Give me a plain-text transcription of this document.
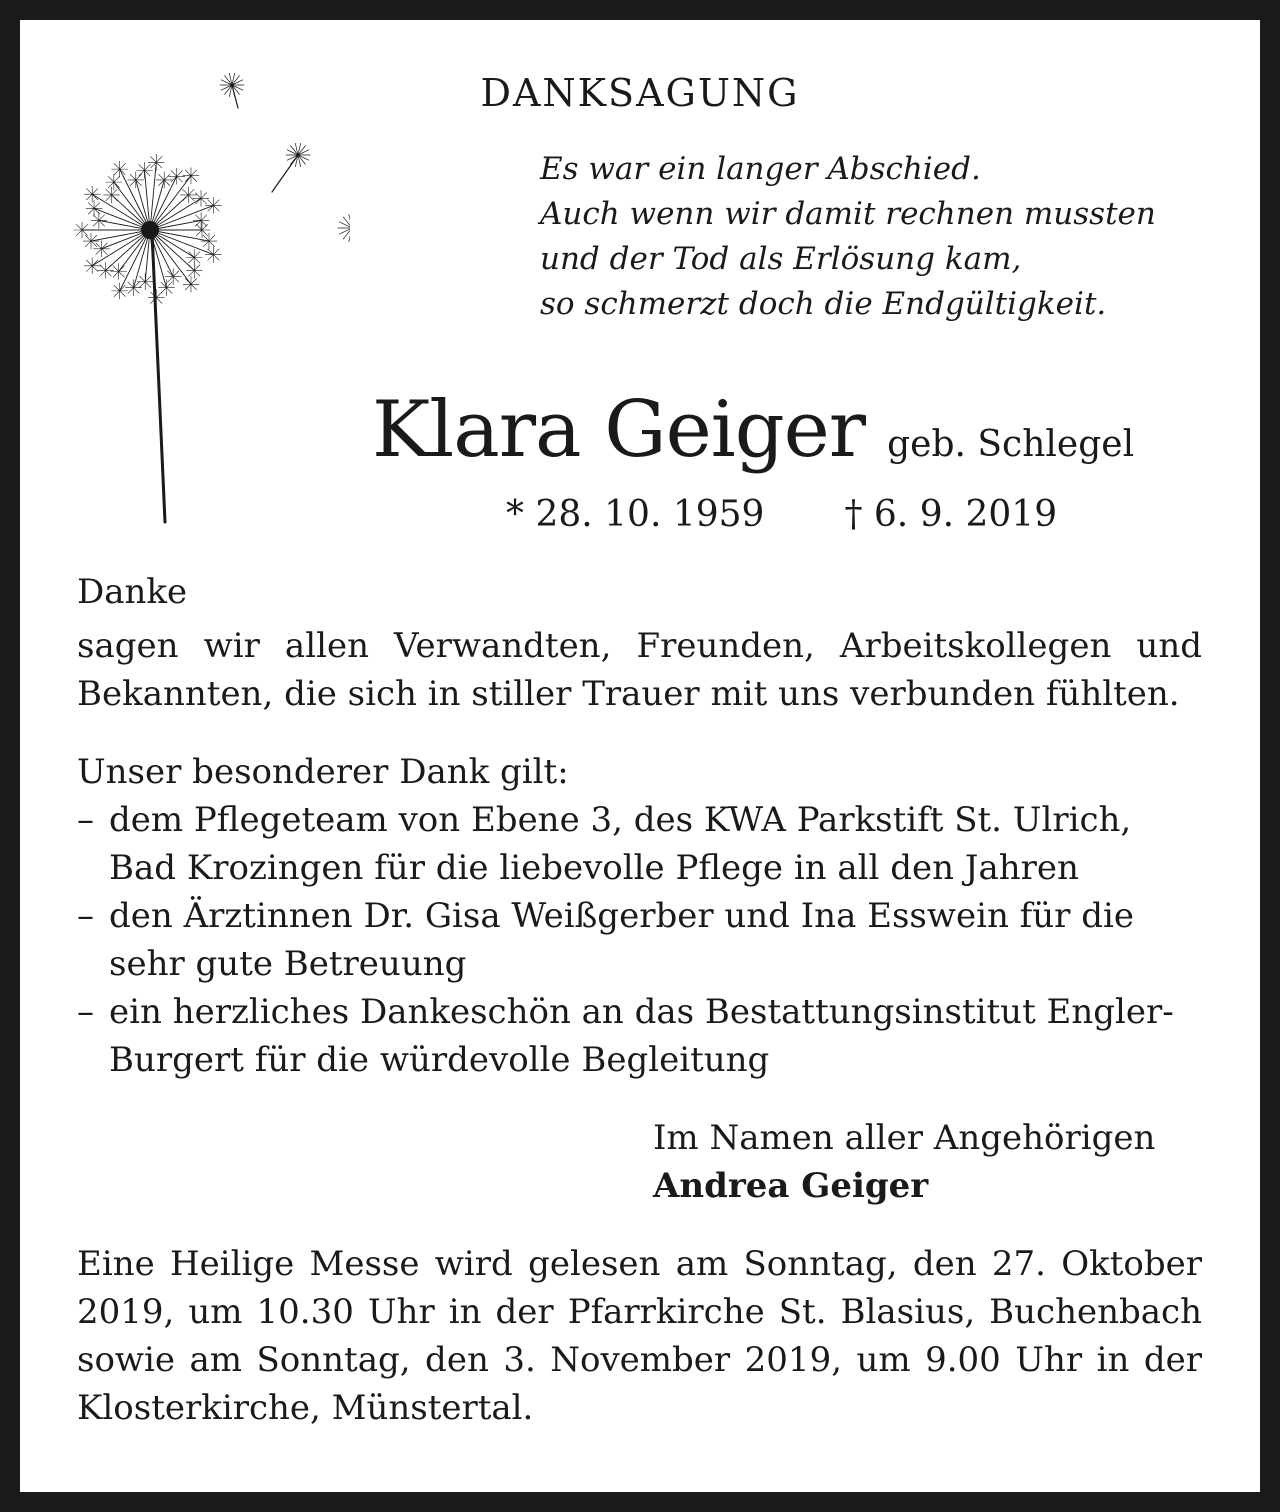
DANKSAGUNG
Es war ein langer Abschied.
Auch wenn wir damit rechnen mussten
und der Tod als Erlösung kam,
so schmerzt doch die Endgültigkeit.
Klara Geiger geb. Schlegel
* 28. 10. 1959 † 6. 9. 2019
Danke
sagen wir allen Verwandten, Freunden, Arbeitskollegen und Bekannten, die sich in stiller Trauer mit uns verbunden fühlten.
Unser besonderer Dank gilt:
– dem Pflegeteam von Ebene 3, des KWA Parkstift St. Ulrich, Bad Krozingen für die liebevolle Pflege in all den Jahren
– den Ärztinnen Dr. Gisa Weißgerber und Ina Esswein für die sehr gute Betreuung
– ein herzliches Dankeschön an das Bestattungsinstitut Engler-Burgert für die würdevolle Begleitung
Im Namen aller Angehörigen
Andrea Geiger
Eine Heilige Messe wird gelesen am Sonntag, den 27. Oktober 2019, um 10.30 Uhr in der Pfarrkirche St. Blasius, Buchenbach sowie am Sonntag, den 3. November 2019, um 9.00 Uhr in der Klosterkirche, Münstertal.
